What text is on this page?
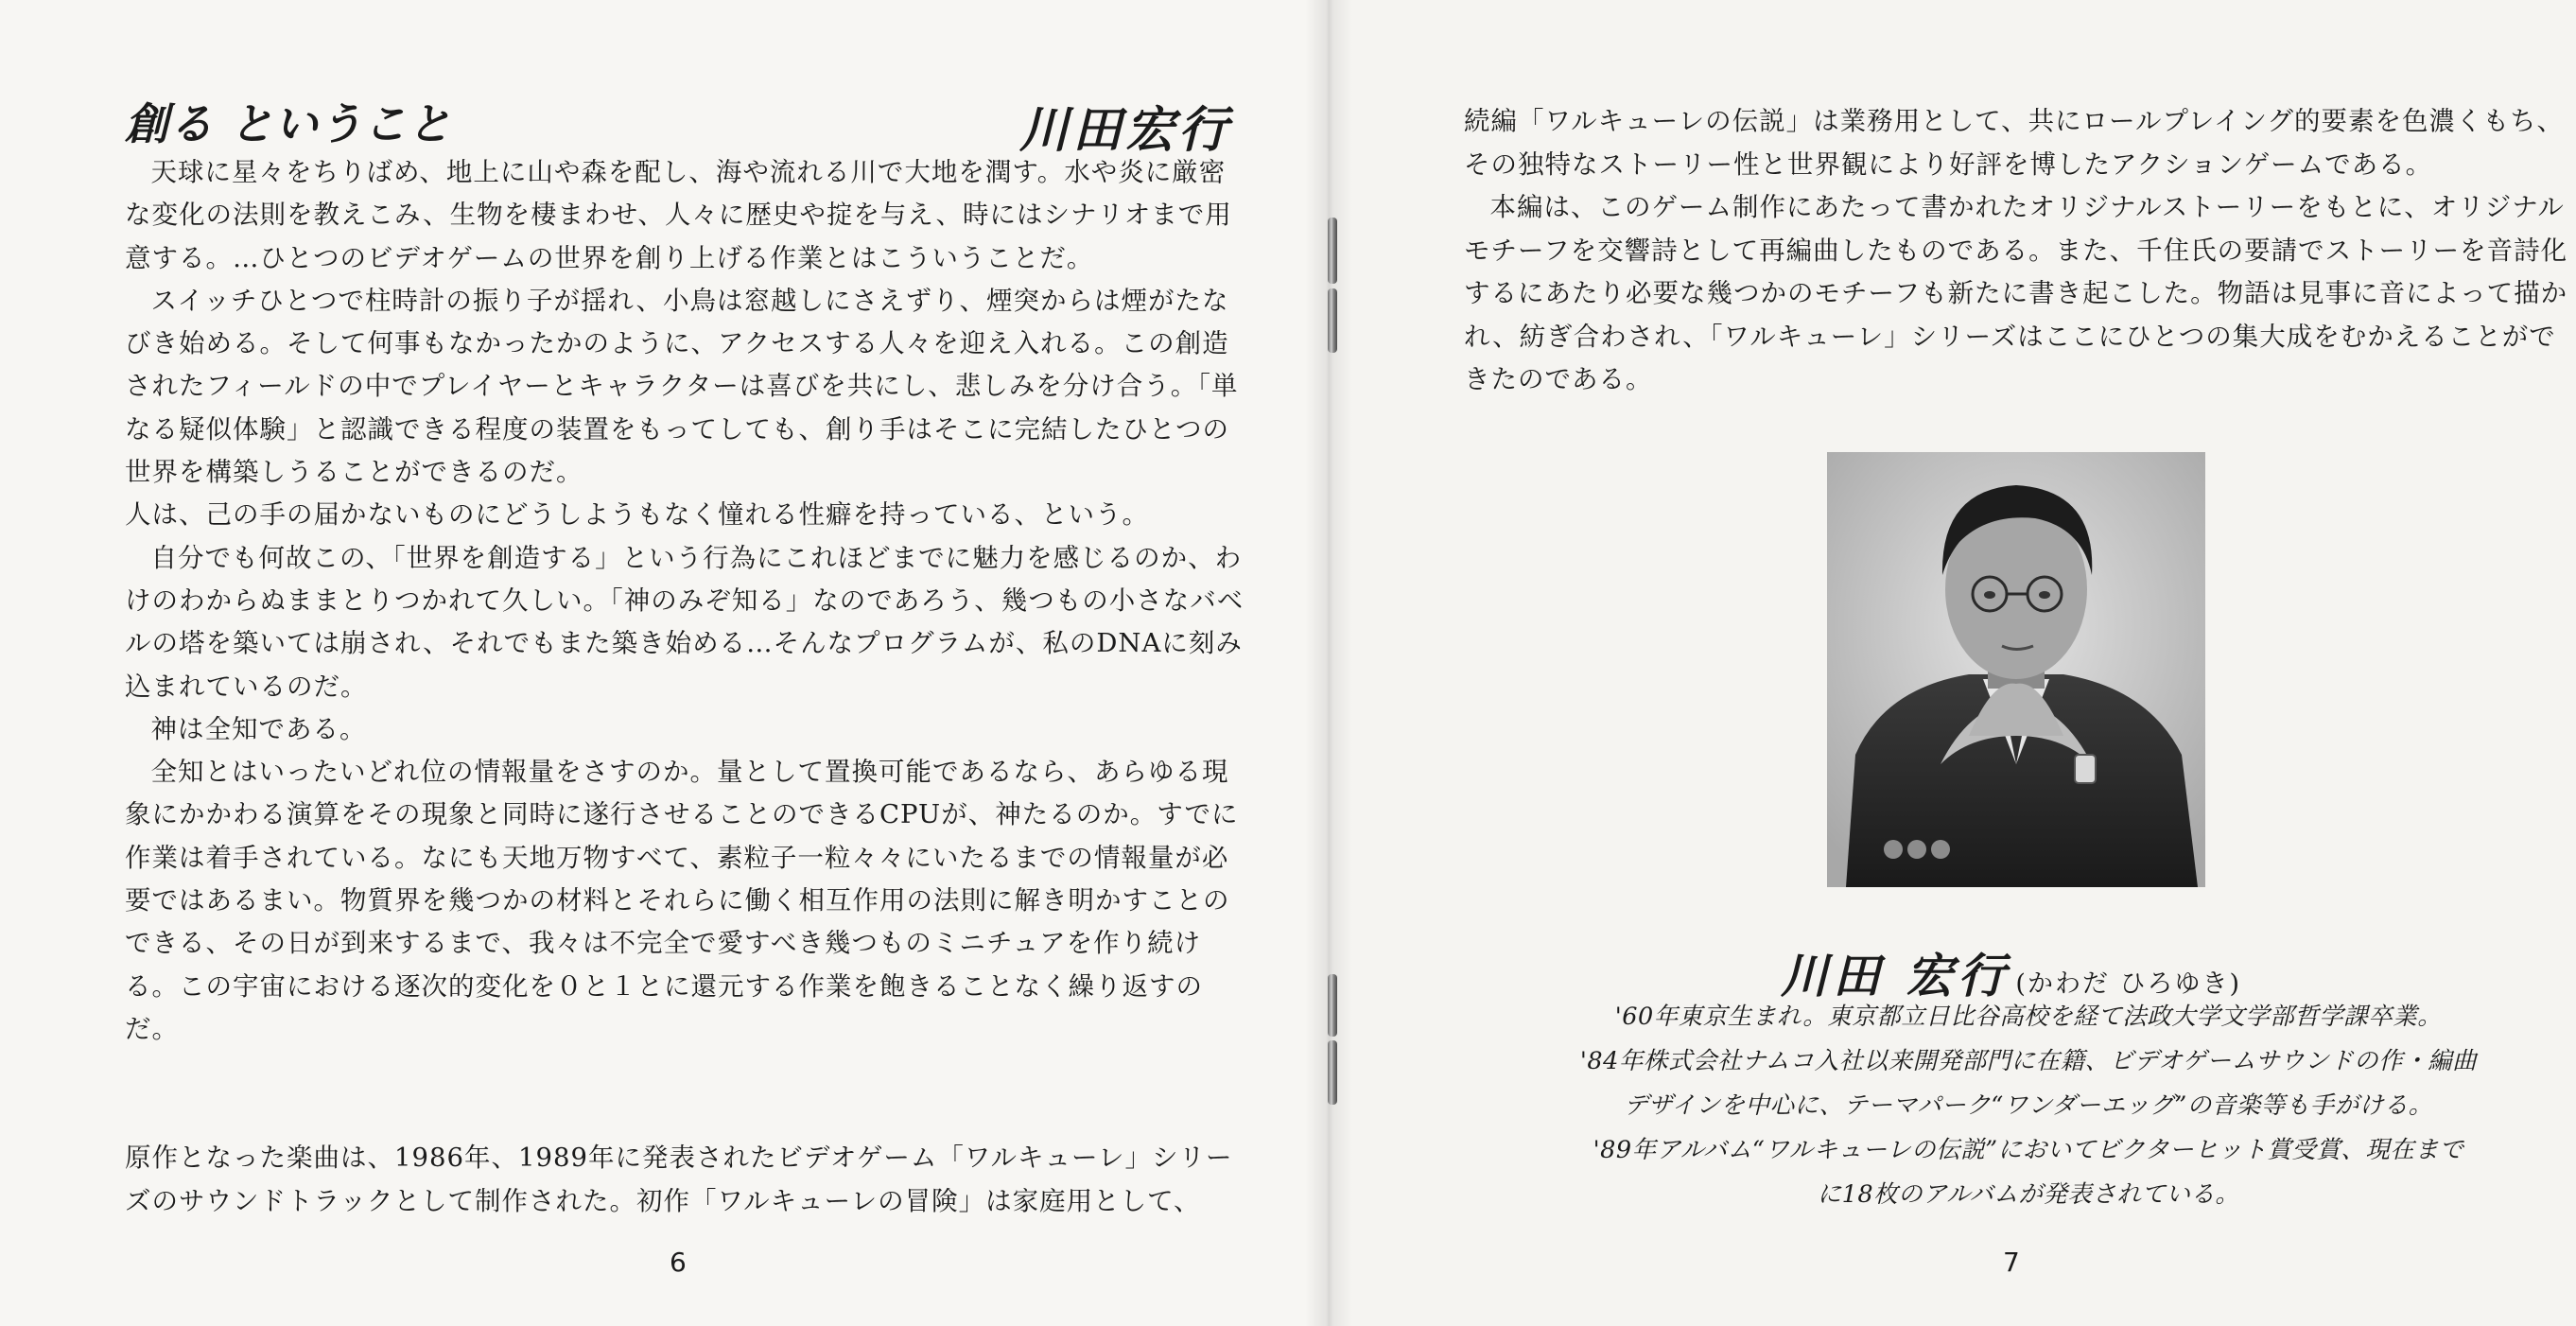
創る ということ	川田宏行

天球に星々をちりばめ、地上に山や森を配し、海や流れる川で大地を潤す。水や炎に厳密な変化の法則を教えこみ、生物を棲まわせ、人々に歴史や掟を与え、時にはシナリオまで用意する。…ひとつのビデオゲームの世界を創り上げる作業とはこういうことだ。

スイッチひとつで柱時計の振り子が揺れ、小鳥は窓越しにさえずり、煙突からは煙がたなびき始める。そして何事もなかったかのように、アクセスする人々を迎え入れる。この創造されたフィールドの中でプレイヤーとキャラクターは喜びを共にし、悲しみを分け合う。「単なる疑似体験」と認識できる程度の装置をもってしても、創り手はそこに完結したひとつの世界を構築しうることができるのだ。

人は、己の手の届かないものにどうしようもなく憧れる性癖を持っている、という。

自分でも何故この、「世界を創造する」という行為にこれほどまでに魅力を感じるのか、わけのわからぬままとりつかれて久しい。「神のみぞ知る」なのであろう、幾つもの小さなバベルの塔を築いては崩され、それでもまた築き始める…そんなプログラムが、私のDNAに刻み込まれているのだ。

神は全知である。

全知とはいったいどれ位の情報量をさすのか。量として置換可能であるなら、あらゆる現象にかかわる演算をその現象と同時に遂行させることのできるCPUが、神たるのか。すでに作業は着手されている。なにも天地万物すべて、素粒子一粒々々にいたるまでの情報量が必要ではあるまい。物質界を幾つかの材料とそれらに働く相互作用の法則に解き明かすことのできる、その日が到来するまで、我々は不完全で愛すべき幾つものミニチュアを作り続ける。この宇宙における逐次的変化を０と１とに還元する作業を飽きることなく繰り返すのだ。

原作となった楽曲は、1986年、1989年に発表されたビデオゲーム「ワルキューレ」シリーズのサウンドトラックとして制作された。初作「ワルキューレの冒険」は家庭用として、

6

続編「ワルキューレの伝説」は業務用として、共にロールプレイング的要素を色濃くもち、その独特なストーリー性と世界観により好評を博したアクションゲームである。

本編は、このゲーム制作にあたって書かれたオリジナルストーリーをもとに、オリジナルモチーフを交響詩として再編曲したものである。また、千住氏の要請でストーリーを音詩化するにあたり必要な幾つかのモチーフも新たに書き起こした。物語は見事に音によって描かれ、紡ぎ合わされ、「ワルキューレ」シリーズはここにひとつの集大成をむかえることができたのである。

川田 宏行 (かわだ ひろゆき)

'60年東京生まれ。東京都立日比谷高校を経て法政大学文学部哲学課卒業。

'84年株式会社ナムコ入社以来開発部門に在籍、ビデオゲームサウンドの作・編曲

デザインを中心に、テーマパーク“ワンダーエッグ”の音楽等も手がける。

'89年アルバム“ワルキューレの伝説”においてビクターヒット賞受賞、現在まで

に18枚のアルバムが発表されている。

7
